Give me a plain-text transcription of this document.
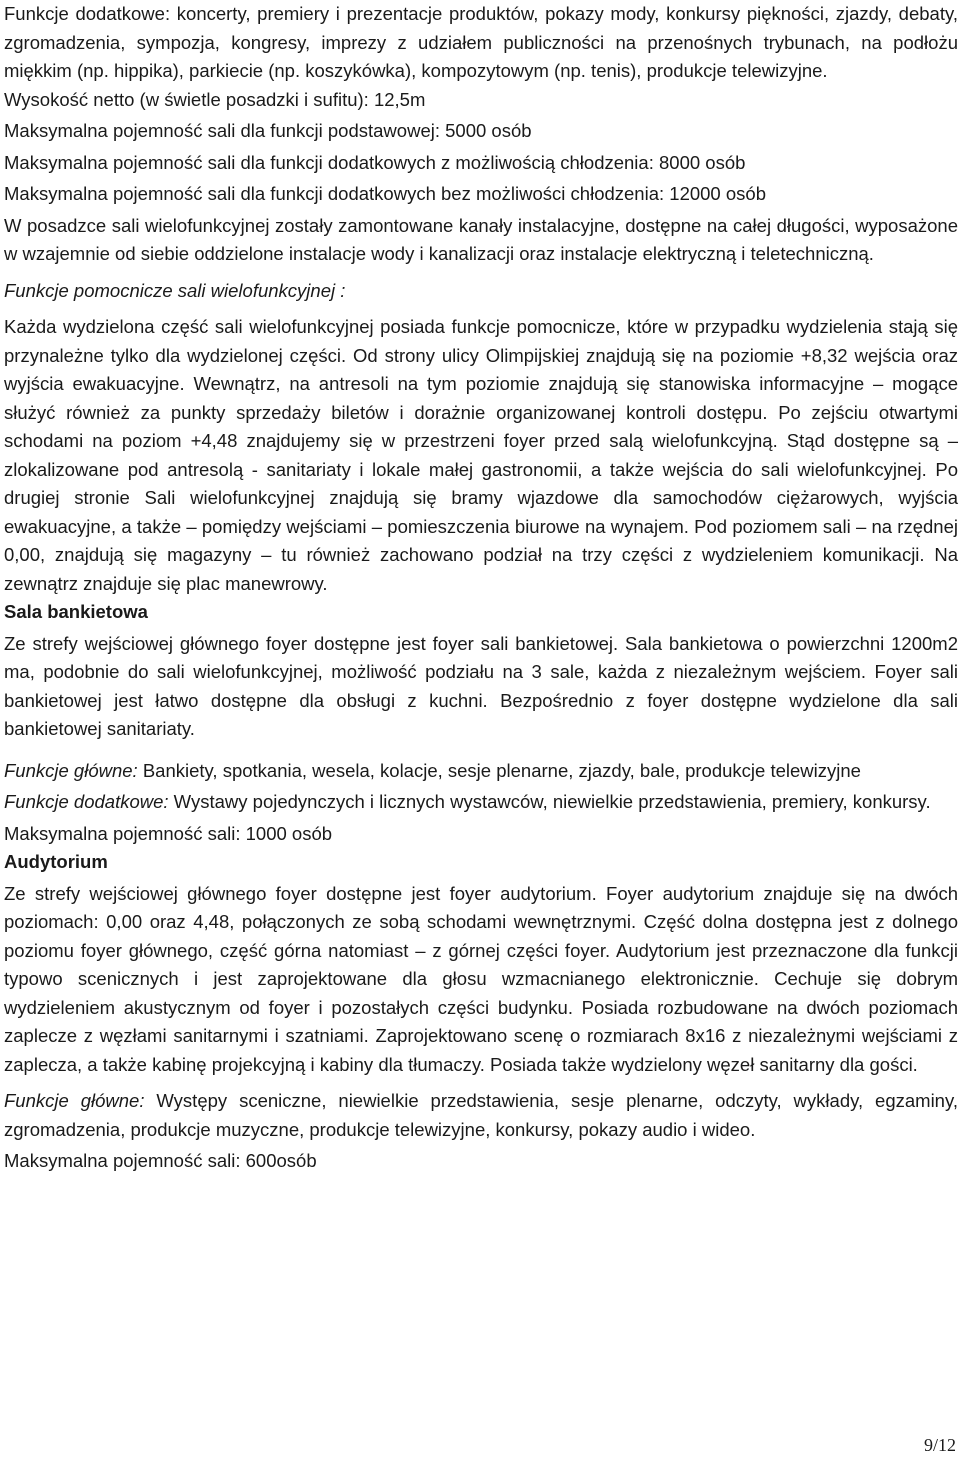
Funkcje dodatkowe: koncerty, premiery i prezentacje produktów, pokazy mody, konkursy piękności, zjazdy, debaty, zgromadzenia, sympozja, kongresy, imprezy z udziałem publiczności na przenośnych trybunach, na podłożu miękkim (np. hippika), parkiecie (np. koszykówka), kompozytowym (np. tenis), produkcje telewizyjne.

Wysokość netto (w świetle posadzki i sufitu): 12,5m

Maksymalna pojemność sali dla funkcji podstawowej: 5000 osób

Maksymalna pojemność sali dla funkcji dodatkowych z możliwością chłodzenia: 8000 osób

Maksymalna pojemność sali dla funkcji dodatkowych bez możliwości chłodzenia: 12000 osób

W posadzce sali wielofunkcyjnej zostały zamontowane kanały instalacyjne, dostępne na całej długości, wyposażone w wzajemnie od siebie oddzielone instalacje wody i kanalizacji oraz instalacje elektryczną i teletechniczną.

Funkcje pomocnicze sali wielofunkcyjnej :

Każda wydzielona część sali wielofunkcyjnej posiada funkcje pomocnicze, które w przypadku wydzielenia stają się przynależne tylko dla wydzielonej części. Od strony ulicy Olimpijskiej znajdują się na poziomie +8,32 wejścia oraz wyjścia ewakuacyjne. Wewnątrz, na antresoli na tym poziomie znajdują się stanowiska informacyjne – mogące służyć również za punkty sprzedaży biletów i dorażnie organizowanej kontroli dostępu. Po zejściu otwartymi schodami na poziom +4,48 znajdujemy się w przestrzeni foyer przed salą wielofunkcyjną. Stąd dostępne są – zlokalizowane pod antresolą - sanitariaty i lokale małej gastronomii, a także wejścia do sali wielofunkcyjnej. Po drugiej stronie Sali wielofunkcyjnej znajdują się bramy wjazdowe dla samochodów ciężarowych, wyjścia ewakuacyjne, a także – pomiędzy wejściami – pomieszczenia biurowe na wynajem. Pod poziomem sali – na rzędnej 0,00, znajdują się magazyny – tu również zachowano podział na trzy części z wydzieleniem komunikacji. Na zewnątrz znajduje się plac manewrowy.

Sala bankietowa

Ze strefy wejściowej głównego foyer dostępne jest foyer sali bankietowej. Sala bankietowa o powierzchni 1200m2 ma, podobnie do sali wielofunkcyjnej, możliwość podziału na 3 sale, każda z niezależnym wejściem. Foyer sali bankietowej jest łatwo dostępne dla obsługi z kuchni. Bezpośrednio z foyer dostępne wydzielone dla sali bankietowej sanitariaty.

Funkcje główne: Bankiety, spotkania, wesela, kolacje, sesje plenarne, zjazdy, bale, produkcje telewizyjne

Funkcje dodatkowe: Wystawy pojedynczych i licznych wystawców, niewielkie przedstawienia, premiery, konkursy.

Maksymalna pojemność sali: 1000 osób

Audytorium

Ze strefy wejściowej głównego foyer dostępne jest foyer audytorium. Foyer audytorium znajduje się na dwóch poziomach: 0,00 oraz 4,48, połączonych ze sobą schodami wewnętrznymi. Część dolna dostępna jest z dolnego poziomu foyer głównego, część górna natomiast – z górnej części foyer. Audytorium jest przeznaczone dla funkcji typowo scenicznych i jest zaprojektowane dla głosu wzmacnianego elektronicznie. Cechuje się dobrym wydzieleniem akustycznym od foyer i pozostałych części budynku. Posiada rozbudowane na dwóch poziomach zaplecze z węzłami sanitarnymi i szatniami. Zaprojektowano scenę o rozmiarach 8x16 z niezależnymi wejściami z zaplecza, a także kabinę projekcyjną i kabiny dla tłumaczy. Posiada także wydzielony węzeł sanitarny dla gości.

Funkcje główne: Występy sceniczne, niewielkie przedstawienia, sesje plenarne, odczyty, wykłady, egzaminy, zgromadzenia, produkcje muzyczne, produkcje telewizyjne, konkursy, pokazy audio i wideo.

Maksymalna pojemność sali: 600osób

9/12
